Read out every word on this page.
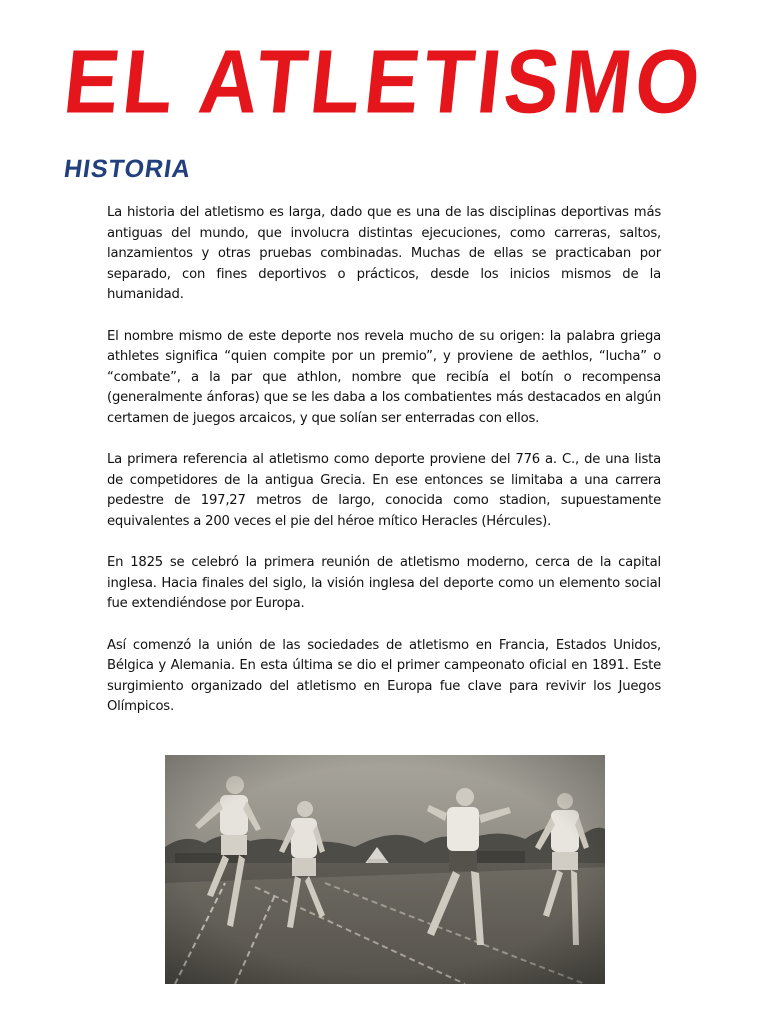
EL ATLETISMO
HISTORIA

La historia del atletismo es larga, dado que es una de las disciplinas deportivas más antiguas del mundo, que involucra distintas ejecuciones, como carreras, saltos, lanzamientos y otras pruebas combinadas. Muchas de ellas se practicaban por separado, con fines deportivos o prácticos, desde los inicios mismos de la humanidad.

El nombre mismo de este deporte nos revela mucho de su origen: la palabra griega athletes significa “quien compite por un premio”, y proviene de aethlos, “lucha” o “combate”, a la par que athlon, nombre que recibía el botín o recompensa (generalmente ánforas) que se les daba a los combatientes más destacados en algún certamen de juegos arcaicos, y que solían ser enterradas con ellos.

La primera referencia al atletismo como deporte proviene del 776 a. C., de una lista de competidores de la antigua Grecia. En ese entonces se limitaba a una carrera pedestre de 197,27 metros de largo, conocida como stadion, supuestamente equivalentes a 200 veces el pie del héroe mítico Heracles (Hércules).

En 1825 se celebró la primera reunión de atletismo moderno, cerca de la capital inglesa. Hacia finales del siglo, la visión inglesa del deporte como un elemento social fue extendiéndose por Europa.

Así comenzó la unión de las sociedades de atletismo en Francia, Estados Unidos, Bélgica y Alemania. En esta última se dio el primer campeonato oficial en 1891. Este surgimiento organizado del atletismo en Europa fue clave para revivir los Juegos Olímpicos.
